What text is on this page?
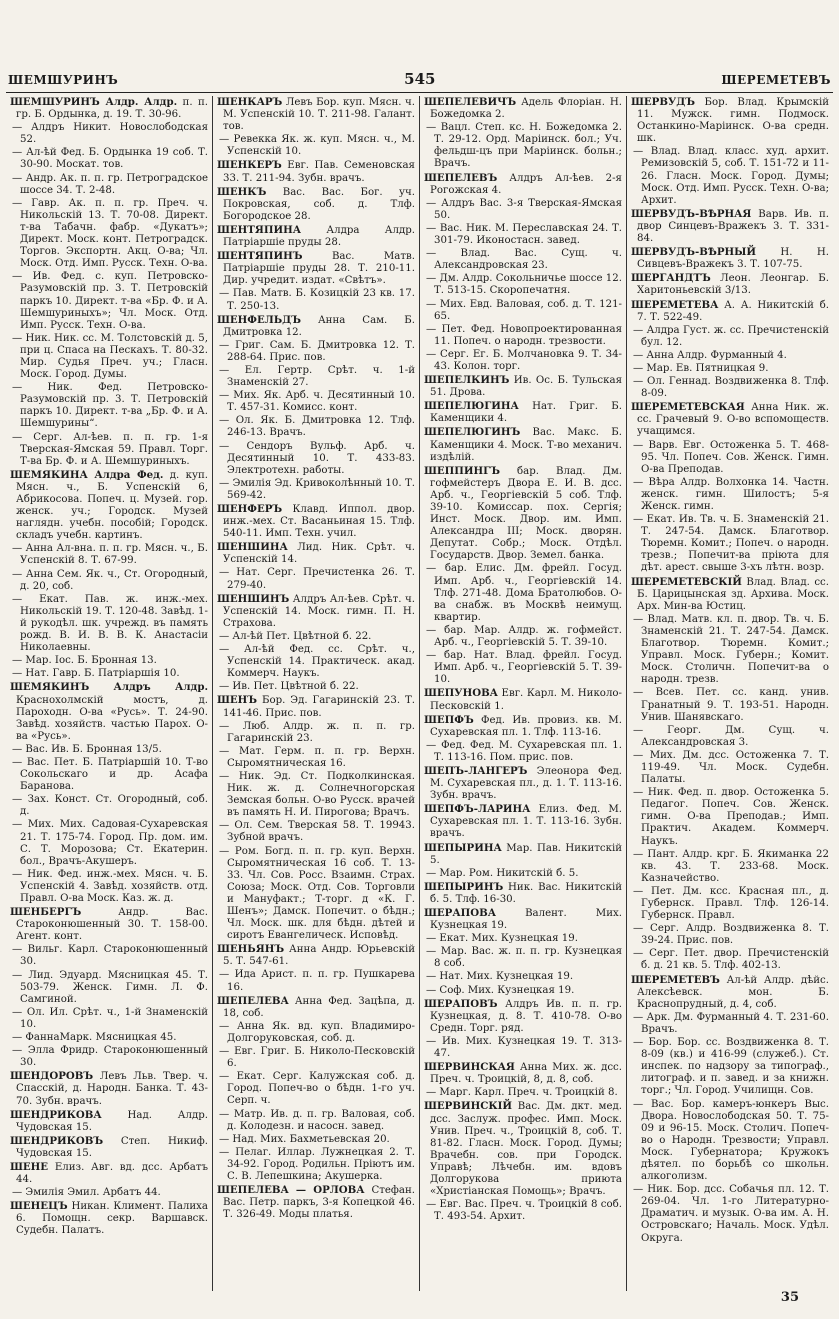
ШЕМШУРИНЪ	545	ШЕРЕМЕТЕВЪ
ШЕМШУРИНЪ Алдр. Алдр. п. п. гр. Б. Ордынка, д. 19. Т. 30-96.
— Алдръ Никит. Новослободская 52.
— Ал-ѣй Фед. Б. Ордынка 19 соб. Т. 30-90. Москат. тов.
— Андр. Ак. п. п. гр. Петроградское шоссе 34. Т. 2-48.
— Гавр. Ак. п. п. гр. Преч. ч. Никольскій 13. Т. 70-08. Директ. т-ва Табачн. фабр. «Дукатъ»; Директ. Моск. конт. Петроградск. Торгов. Экспортн. Акц. О-ва; Чл. Моск. Отд. Имп. Русск. Техн. О-ва.
— Ив. Фед. с. куп. Петровско-Разумовскій пр. 3. Т. Петровскій паркъ 10. Директ. т-ва «Бр. Ф. и А. Шемшуриныхъ»; Чл. Моск. Отд. Имп. Русск. Техн. О-ва.
— Ник. Ник. сс. М. Толстовскій д. 5, при ц. Спаса на Пескахъ. Т. 80-32. Мир. Судья Преч. уч.; Гласн. Моск. Город. Думы.
— Ник. Фед. Петровско-Разумовскій пр. 3. Т. Петровскій паркъ 10. Директ. т-ва „Бр. Ф. и А. Шемшурины“.
— Серг. Ал-ѣев. п. п. гр. 1-я Тверская-Ямская 59. Правл. Торг. Т-ва Бр. Ф. и А. Шемшуриныхъ.
ШЕМЯКИНА Алдра Фед. д. куп. Мясн. ч., Б. Успенскій 6, Абрикосова. Попеч. ц. Музей. гор. женск. уч.; Городск. Музей наглядн. учебн. пособій; Городск. складъ учебн. картинъ.
— Анна Ал-вна. п. п. гр. Мясн. ч., Б. Успенскій 8. Т. 67-99.
— Анна Сем. Як. ч., Ст. Огородный, д. 20, соб.
— Екат. Пав. ж. инж.-мех. Никольскій 19. Т. 120-48. Завѣд. 1-й рукодѣл. шк. учрежд. въ память рожд. В. И. В. В. К. Анастасіи Николаевны.
— Мар. Іос. Б. Бронная 13.
— Нат. Гавр. Б. Патріаршія 10.
ШЕМЯКИНЪ Алдръ Алдр. Краснохолмскій мостъ, д. Пароходн. О-ва «Русь». Т. 24-90. Завѣд. хозяйств. частью Парох. О-ва «Русь».
— Вас. Ив. Б. Бронная 13/5.
— Вас. Пет. Б. Патріаршій 10. Т-во Сокольскаго и др. Асафа Баранова.
— Зах. Конст. Ст. Огородный, соб. д.
— Мих. Мих. Садовая-Сухаревская 21. Т. 175-74. Город. Пр. дом. им. С. Т. Морозова; Ст. Екатерин. бол., Врачъ-Акушеръ.
— Ник. Фед. инж.-мех. Мясн. ч. Б. Успенскій 4. Завѣд. хозяйств. отд. Правл. О-ва Моск. Каз. ж. д.
ШЕНБЕРГЪ	Андр. Вас. Староконюшенный 30. Т. 158-00. Агент. конт.
— Вильг. Карл. Староконюшенный 30.
— Лид. Эдуард. Мясницкая 45. Т. 503-79. Женск. Гимн. Л. Ф. Самгиной.
— Ол. Ил. Срѣт. ч., 1-й Знаменскій 10.
— ФаннаМарк. Мясницкая 45.
— Элла Фридр. Староконюшенный 30.
ШЕНДОРОВЪ Левъ Льв. Твер. ч. Спасскій, д. Народн. Банка. Т. 43-70. Зубн. врачъ.
ШЕНДРИКОВА	Над. Алдр. Чудовская 15.
ШЕНДРИКОВЪ Степ. Никиф. Чудовская 15.
ШЕНЕ Елиз. Авг. вд. дсс. Арбатъ 44.
— Эмилія Эмил. Арбатъ 44.
ШЕНЕЦЪ Никан. Климент. Палиха 6. Помощн. секр. Варшавск. Судебн. Палатъ.
ШЕНКАРЪ Левъ Бор. куп. Мясн. ч. М. Успенскій 10. Т. 211-98. Галант. тов.
— Ревекка Як. ж. куп. Мясн. ч., М. Успенскій 10.
ШЕНКЕРЪ Евг. Пав. Семеновская 33. Т. 211-94. Зубн. врачъ.
ШЕНКЪ Вас. Вас. Бог. уч. Покровская, соб. д. Тлф. Богородское 28.
ШЕНТЯПИНА Алдра Алдр. Патріаршіе пруды 28.
ШЕНТЯПИНЪ	Вас. Матв. Патріаршіе пруды 28. Т. 210-11. Дир. учредит. издат. «Свѣтъ».
— Пав. Матв. Б. Козицкій 23 кв. 17. Т. 250-13.
ШЕНФЕЛЬДЪ Анна Сам. Б. Дмитровка 12.
— Григ. Сам. Б. Дмитровка 12. Т. 288-64. Прис. пов.
— Ел. Гертр. Срѣт. ч. 1-й Знаменскій 27.
— Мих. Як. Арб. ч. Десятинный 10. Т. 457-31. Комисс. конт.
— Ол. Як. Б. Дмитровка 12. Тлф. 246-13. Врачъ.
— Сендоръ Вульф. Арб. ч. Десятинный 10. Т. 433-83. Электротехн. работы.
— Эмилія Эд. Кривоколѣнный 10. Т. 569-42.
ШЕНФЕРЪ Клавд. Иппол. двор. инж.-мех. Ст. Васаньиная 15. Тлф. 540-11. Имп. Техн. учил.
ШЕНШИНА Лид. Ник. Срѣт. ч. Успенскій 14.
— Нат. Серг. Пречистенка 26. Т. 279-40.
ШЕНШИНЪ Алдръ Ал-ѣев. Срѣт. ч. Успенскій 14. Моск. гимн. П. Н. Страхова.
— Ал-ѣй Пет. Цвѣтной б. 22.
— Ал-ѣй Фед. сс. Срѣт. ч., Успенскій 14. Практическ. акад. Коммерч. Наукъ.
— Ив. Пет. Цвѣтной б. 22.
ШЕНЪ Бор. Эд. Гагаринскій 23. Т. 141-46. Прис. пов.
— Люб. Алдр. ж. п. п. гр. Гагаринскій 23.
— Мат. Герм. п. п. гр. Верхн. Сыромятническая 16.
— Ник. Эд. Ст. Подколкинская. Ник. ж. д. Солнечногорская Земская больн. О-во Русск. врачей въ память Н. И. Пирогова; Врачъ.
— Ол. Сем. Тверская 58. Т. 19943. Зубной врачъ.
— Ром. Богд. п. п. гр. куп. Верхн. Сыромятническая 16 соб. Т. 13-33. Чл. Сов. Росс. Взаимн. Страх. Союза; Моск. Отд. Сов. Торговли и Мануфакт.; Т-торг. д «К. Г. Шенъ»; Дамск. Попечит. о бѣдн.; Чл. Моск. шк. для бѣдн. дѣтей и сиротъ Евангелическ. Исповѣд.
ШЕНЬЯНЪ Анна Андр. Юрьевскій 5. Т. 547-61.
— Ида Арист. п. п. гр. Пушкарева 16.
ШЕПЕЛЕВА Анна Фед. Зацѣпа, д. 18, соб.
— Анна Як. вд. куп. Владимиро-Долгоруковская, соб. д.
— Евг. Григ. Б. Николо-Песковскій 6.
— Екат. Серг. Калужская соб. д. Город. Попеч-во о бѣдн. 1-го уч. Серп. ч.
— Матр. Ив. д. п. гр. Валовая, соб. д. Колодезн. и насосн. завед.
— Над. Мих. Бахметьевская 20.
— Пелаг. Иллар. Лужнецкая 2. Т. 34-92. Город. Родильн. Пріютъ им. С. В. Лепешкина; Акушерка.
ШЕПЕЛЕВА — ОРЛОВА Стефан. Вас. Петр. паркъ, 3-я Копецкой 46. Т. 326-49. Моды платья.
ШЕПЕЛЕВИЧЪ Адель Флоріан. Н. Божедомка 2.
— Вацл. Степ. кс. Н. Божедомка 2. Т. 29-12. Орд. Маріинск. бол.; Уч. фельдш-цъ при Маріинск. больн.; Врачъ.
ШЕПЕЛЕВЪ Алдръ Ал-ѣев. 2-я Рогожская 4.
— Алдръ Вас. 3-я Тверская-Ямская 50.
— Вас. Ник. М. Переславская 24. Т. 301-79. Иконостасн. завед.
— Влад. Вас. Сущ. ч. Александровская 23.
— Дм. Алдр. Сокольничье шоссе 12. Т. 513-15. Скоропечатня.
— Мих. Евд. Валовая, соб. д. Т. 121-65.
— Пет. Фед. Новопроектированная 11. Попеч. о народн. трезвости.
— Серг. Ег. Б. Молчановка 9. Т. 34-43. Колон. торг.
ШЕПЕЛКИНЪ Ив. Ос. Б. Тульская 51. Дрова.
ШЕПЕЛЮГИНА Нат. Григ. Б. Каменщики 4.
ШЕПЕЛЮГИНЪ Вас. Макс. Б. Каменщики 4. Моск. Т-во механич. издѣлій.
ШЕППИНГЪ бар. Влад. Дм. гофмейстеръ Двора Е. И. В. дсс. Арб. ч., Георгіевскій 5 соб. Тлф. 39-10. Комиссар. пох. Сергія; Инст. Моск. Двор. им. Имп. Александра III; Моск. дворян. Депутат. Собр.; Моск. Отдѣл. Государств. Двор. Земел. банка.
— бар. Елис. Дм. фрейл. Госуд. Имп. Арб. ч., Георгіевскій 14. Тлф. 271-48. Дома Братолюбов. О-ва снабж. въ Москвѣ неимущ. квартир.
— бар. Мар. Алдр. ж. гофмейст. Арб. ч., Георгіевскій 5. Т. 39-10.
— бар. Нат. Влад. фрейл. Госуд. Имп. Арб. ч., Георгіевскій 5. Т. 39-10.
ШЕПУНОВА Евг. Карл. М. Николо-Песковскій 1.
ШЕПФЪ Фед. Ив. провиз. кв. М. Сухаревская пл. 1. Тлф. 113-16.
— Фед. Фед. М. Сухаревская пл. 1. Т. 113-16. Пом. прис. пов.
ШЕПЪ-ЛАНГЕРЪ Элеонора Фед. М. Сухаревская пл., д. 1. Т. 113-16. Зубн. врачъ.
ШЕПФЪ-ЛАРИНА Елиз. Фед. М. Сухаревская пл. 1. Т. 113-16. Зубн. врачъ.
ШЕПЫРИНА Мар. Пав. Никитскій 5.
— Мар. Ром. Никитскій б. 5.
ШЕПЫРИНЪ Ник. Вас. Никитскій б. 5. Тлф. 16-30.
ШЕРАПОВА	Валент. Мих. Кузнецкая 19.
— Екат. Мих. Кузнецкая 19.
— Мар. Вас. ж. п. п. гр. Кузнецкая 8 соб.
— Нат. Мих. Кузнецкая 19.
— Соф. Мих. Кузнецкая 19.
ШЕРАПОВЪ Алдръ Ив. п. п. гр. Кузнецкая, д. 8. Т. 410-78. О-во Средн. Торг. ряд.
— Ив. Мих. Кузнецкая 19. Т. 313-47.
ШЕРВИНСКАЯ Анна Мих. ж. дсс. Преч. ч. Троицкій, 8, д. 8, соб.
— Марг. Карл. Преч. ч. Троицкій 8.
ШЕРВИНСКІЙ Вас. Дм. дкт. мед. дсс. Заслуж. профес. Имп. Моск. Унив. Преч. ч., Троицкій 8, соб. Т. 81-82. Гласн. Моск. Город. Думы; Врачебн. сов. при Городск. Управѣ; Лѣчебн. им. вдовъ Долгорукова приюта «Христіанская Помощь»; Врачъ.
— Евг. Вас. Преч. ч. Троицкій 8 соб. Т. 493-54. Архит.
ШЕРВУДЪ Бор. Влад. Крымскій 11. Мужск. гимн. Подмоск. Останкино-Маріинск. О-ва средн. шк.
— Влад. Влад. класс. худ. архит. Ремизовскій 5, соб. Т. 151-72 и 11-26. Гласн. Моск. Город. Думы; Моск. Отд. Имп. Русск. Техн. О-ва; Архит.
ШЕРВУДЪ-ВѢРНАЯ Варв. Ив. п. двор Синцевъ-Вражекъ 3. Т. 331-84.
ШЕРВУДЪ-ВѢРНЫЙ Н. Н. Сивцевъ-Вражекъ 3. Т. 107-75.
ШЕРГАНДТЪ Леон. Леонгар. Б. Харитоньевскій 3/13.
ШЕРЕМЕТЕВА А. А. Никитскій б. 7. Т. 522-49.
— Алдра Густ. ж. сс. Пречистенскій бул. 12.
— Анна Алдр. Фурманный 4.
— Мар. Ев. Пятницкая 9.
— Ол. Геннад. Воздвиженка 8. Тлф. 8-09.
ШЕРЕМЕТЕВСКАЯ Анна Ник. ж. сс. Грачевый 9. О-во вспомоществ. учащимся.
— Варв. Евг. Остоженка 5. Т. 468-95. Чл. Попеч. Сов. Женск. Гимн. О-ва Преподав.
— Вѣра Алдр. Волхонка 14. Частн. женск. гимн. Шилостъ; 5-я Женск. гимн.
— Екат. Ив. Тв. ч. Б. Знаменскій 21. Т. 247-54. Дамск. Благотвор. Тюремн. Комит.; Попеч. о народн. трезв.; Попечит-ва пріюта для дѣт. арест. свыше 3-хъ лѣтн. возр.
ШЕРЕМЕТЕВСКІЙ Влад. Влад. сс. Б. Царицынская зд. Архива. Моск. Арх. Мин-ва Юстиц.
— Влад. Матв. кл. п. двор. Тв. ч. Б. Знаменскій 21. Т. 247-54. Дамск. Благотвор. Тюремн. Комит.; Управл. Моск. Губерн.; Комит. Моск. Столичн. Попечит-ва о народн. трезв.
— Всев. Пет. сс. канд. унив. Гранатный 9. Т. 193-51. Народн. Унив. Шанявскаго.
— Георг. Дм. Сущ. ч. Александровская 3.
— Мих. Дм. дсс. Остоженка 7. Т. 119-49. Чл. Моск. Судебн. Палаты.
— Ник. Фед. п. двор. Остоженка 5. Педагог. Попеч. Сов. Женск. гимн. О-ва Преподав.; Имп. Практич. Академ. Коммерч. Наукъ.
— Пант. Алдр. крг. Б. Якиманка 22 кв. 43. Т. 233-68. Моск. Казначейство.
— Пет. Дм. ксс. Красная пл., д. Губернск. Правл. Тлф. 126-14. Губернск. Правл.
— Серг. Алдр. Воздвиженка 8. Т. 39-24. Прис. пов.
— Серг. Пет. двор. Пречистенскій б. д. 21 кв. 5. Тлф. 402-13.
ШЕРЕМЕТЕВЪ Ал-ѣй Алдр. дѣйс. Алексѣевск. мон. Б. Краснопрудный, д. 4, соб.
— Арк. Дм. Фурманный 4. Т. 231-60. Врачъ.
— Бор. Бор. сс. Воздвиженка 8. Т. 8-09 (кв.) и 416-99 (служеб.). Ст. инспек. по надзору за типограф., литограф. и п. завед. и за книжн. торг.; Чл. Город. Училищн. Сов.
— Вас. Бор. камеръ-юнкеръ Выс. Двора. Новослободская 50. Т. 75-09 и 96-15. Моск. Столич. Попеч-во о Народн. Трезвости; Управл. Моск. Губернатора; Кружокъ дѣятел. по борьбѣ со школьн. алкоголизм.
— Ник. Бор. дсс. Собачья пл. 12. Т. 269-04. Чл. 1-го Литературно-Драматич. и музык. О-ва им. А. Н. Островскаго; Началь. Моск. Удѣл. Округа.
35
